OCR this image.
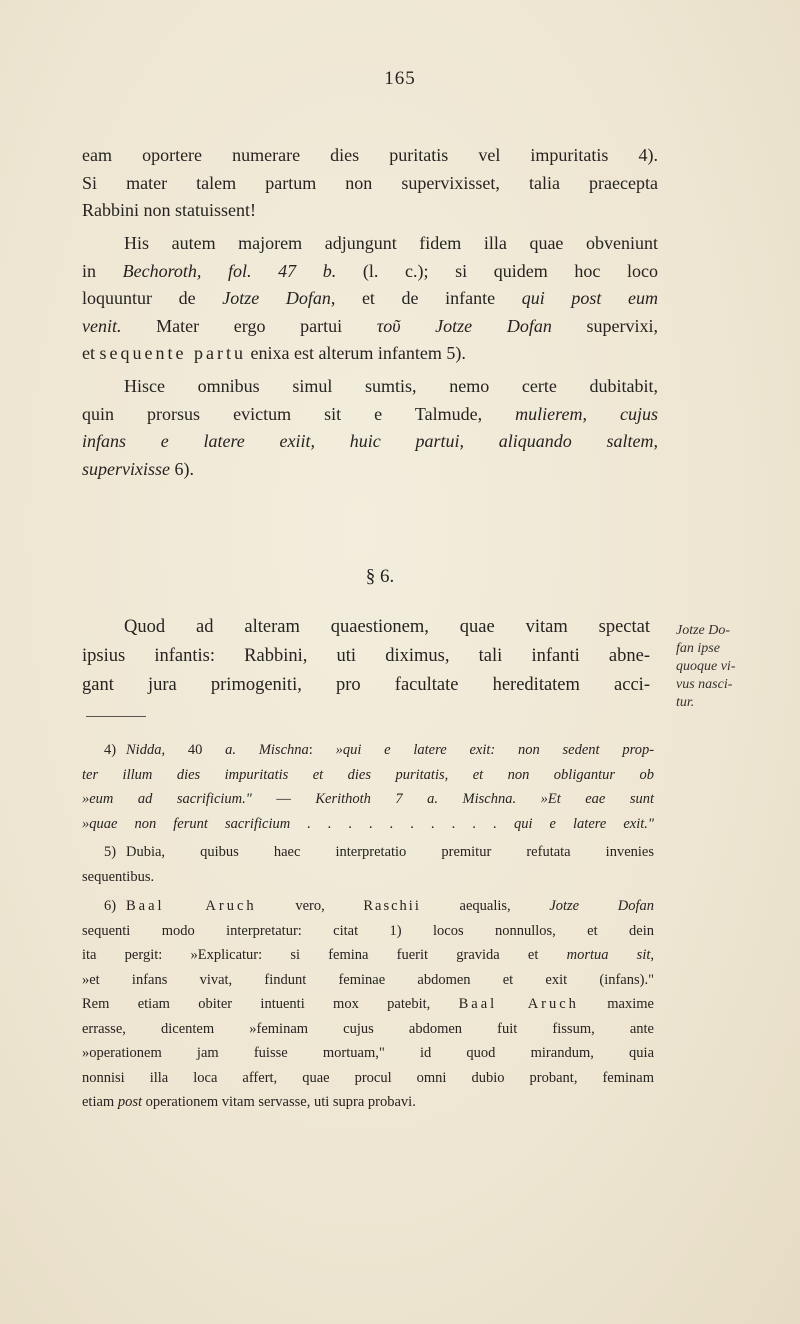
165
eam oportere numerare dies puritatis vel impuritatis 4).
Si mater talem partum non supervixisset, talia praecepta
Rabbini non statuissent!
His autem majorem adjungunt fidem illa quae obveniunt
in Bechoroth, fol. 47 b. (l. c.); si quidem hoc loco
loquuntur de Jotze Dofan, et de infante qui post eum
venit. Mater ergo partui τοῦ Jotze Dofan supervixi,
et sequente partu enixa est alterum infantem 5).
Hisce omnibus simul sumtis, nemo certe dubitabit,
quin prorsus evictum sit e Talmude, mulierem, cujus
infans e latere exiit, huic partui, aliquando saltem,
supervixisse 6).
§ 6.
Quod ad alteram quaestionem, quae vitam spectat
ipsius infantis: Rabbini, uti diximus, tali infanti abne-
gant jura primogeniti, pro facultate hereditatem acci-
Jotze Do-
fan ipse
quoque vi-
vus nasci-
tur.
4) Nidda, 40 a. Mischna: »qui e latere exit: non sedent prop-
ter illum dies impuritatis et dies puritatis, et non obligantur ob
»eum ad sacrificium." — Kerithoth 7 a. Mischna. »Et eae sunt
»quae non ferunt sacrificium . . . . . . . . . . qui e latere exit."
5) Dubia, quibus haec interpretatio premitur refutata invenies
sequentibus.
6) Baal Aruch vero, Raschii aequalis, Jotze Dofan
sequenti modo interpretatur: citat 1) locos nonnullos, et dein
ita pergit: »Explicatur: si femina fuerit gravida et mortua sit,
»et infans vivat, findunt feminae abdomen et exit (infans)."
Rem etiam obiter intuenti mox patebit, Baal Aruch maxime
errasse, dicentem »feminam cujus abdomen fuit fissum, ante
»operationem jam fuisse mortuam," id quod mirandum, quia
nonnisi illa loca affert, quae procul omni dubio probant, feminam
etiam post operationem vitam servasse, uti supra probavi.
